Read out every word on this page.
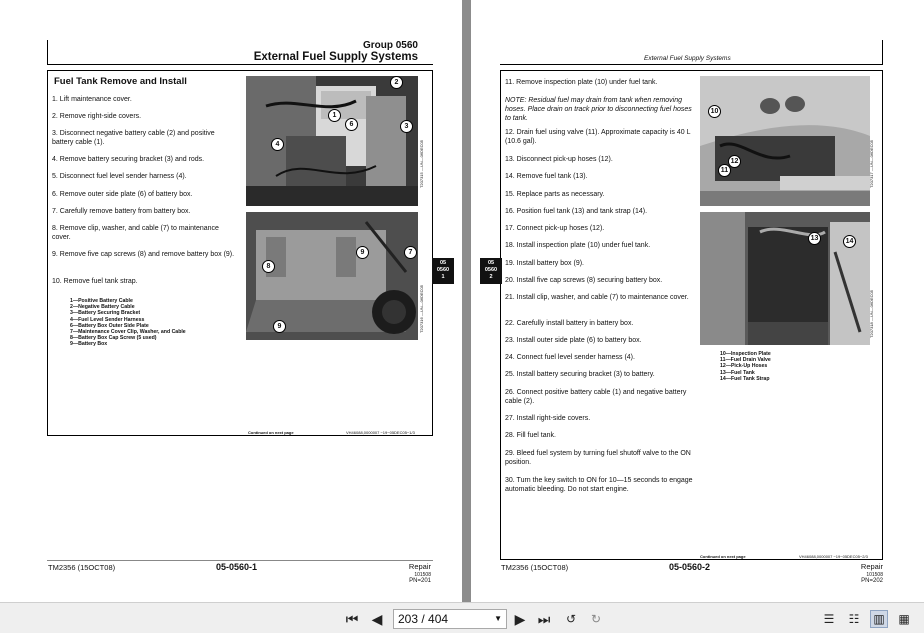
Group 0560
External Fuel Supply Systems
Fuel Tank Remove and Install
1. Lift maintenance cover.
2. Remove right-side covers.
3. Disconnect negative battery cable (2) and positive battery cable (1).
4. Remove battery securing bracket (3) and rods.
5. Disconnect fuel level sender harness (4).
6. Remove outer side plate (6) of battery box.
7. Carefully remove battery from battery box.
8. Remove clip, washer, and cable (7) to maintenance cover.
9. Remove five cap screws (8) and remove battery box (9).
10. Remove fuel tank strap.
1—Positive Battery Cable
2—Negative Battery Cable
3—Battery Securing Bracket
4—Fuel Level Sender Harness
6—Battery Box Outer Side Plate
7—Maintenance Cover Clip, Washer, and Cable
8—Battery Box Cap Screw (5 used)
9—Battery Box
2
1
6	3
4	T207315 —UN—06DEC05
8
9	7
9	T207316 —UN—06DEC05
05
0560
1
Continued on next page	VH46088,0000007 −19−05DEC05−1/3
TM2356 (15OCT08)	05-0560-1	Repair
101508
PN=201
External Fuel Supply Systems
11. Remove inspection plate (10) under fuel tank.
NOTE: Residual fuel may drain from tank when removing hoses. Place drain on track prior to disconnecting fuel hoses to tank.
12. Drain fuel using valve (11). Approximate capacity is 40 L (10.6 gal).
13. Disconnect pick-up hoses (12).
14. Remove fuel tank (13).
15. Replace parts as necessary.
16. Position fuel tank (13) and tank strap (14).
17. Connect pick-up hoses (12).
18. Install inspection plate (10) under fuel tank.
19. Install battery box (9).
20. Install five cap screws (8) securing battery box.
21. Install clip, washer, and cable (7) to maintenance cover.
22. Carefully install battery in battery box.
23. Install outer side plate (6) to battery box.
24. Connect fuel level sender harness (4).
25. Install battery securing bracket (3) to battery.
26. Connect positive battery cable (1) and negative battery cable (2).
27. Install right-side covers.
28. Fill fuel tank.
29. Bleed fuel system by turning fuel shutoff valve to the ON position.
30. Turn the key switch to ON for 10—15 seconds to engage automatic bleeding. Do not start engine.
10
12
11	T207317 —UN—06DEC05
13	14
T207318 —UN—06DEC05
10—Inspection Plate
11—Fuel Drain Valve
12—Pick-Up Hoses
13—Fuel Tank
14—Fuel Tank Strap
05
0560
2
Continued on next page	VH46088,0000007 −19−05DEC05−2/3
TM2356 (15OCT08)	05-0560-2	Repair
101508
PN=202
⏮ ◀	203 / 404	▼ ▶ ⏭	↺	↻	☰	☷	▥ ▦
